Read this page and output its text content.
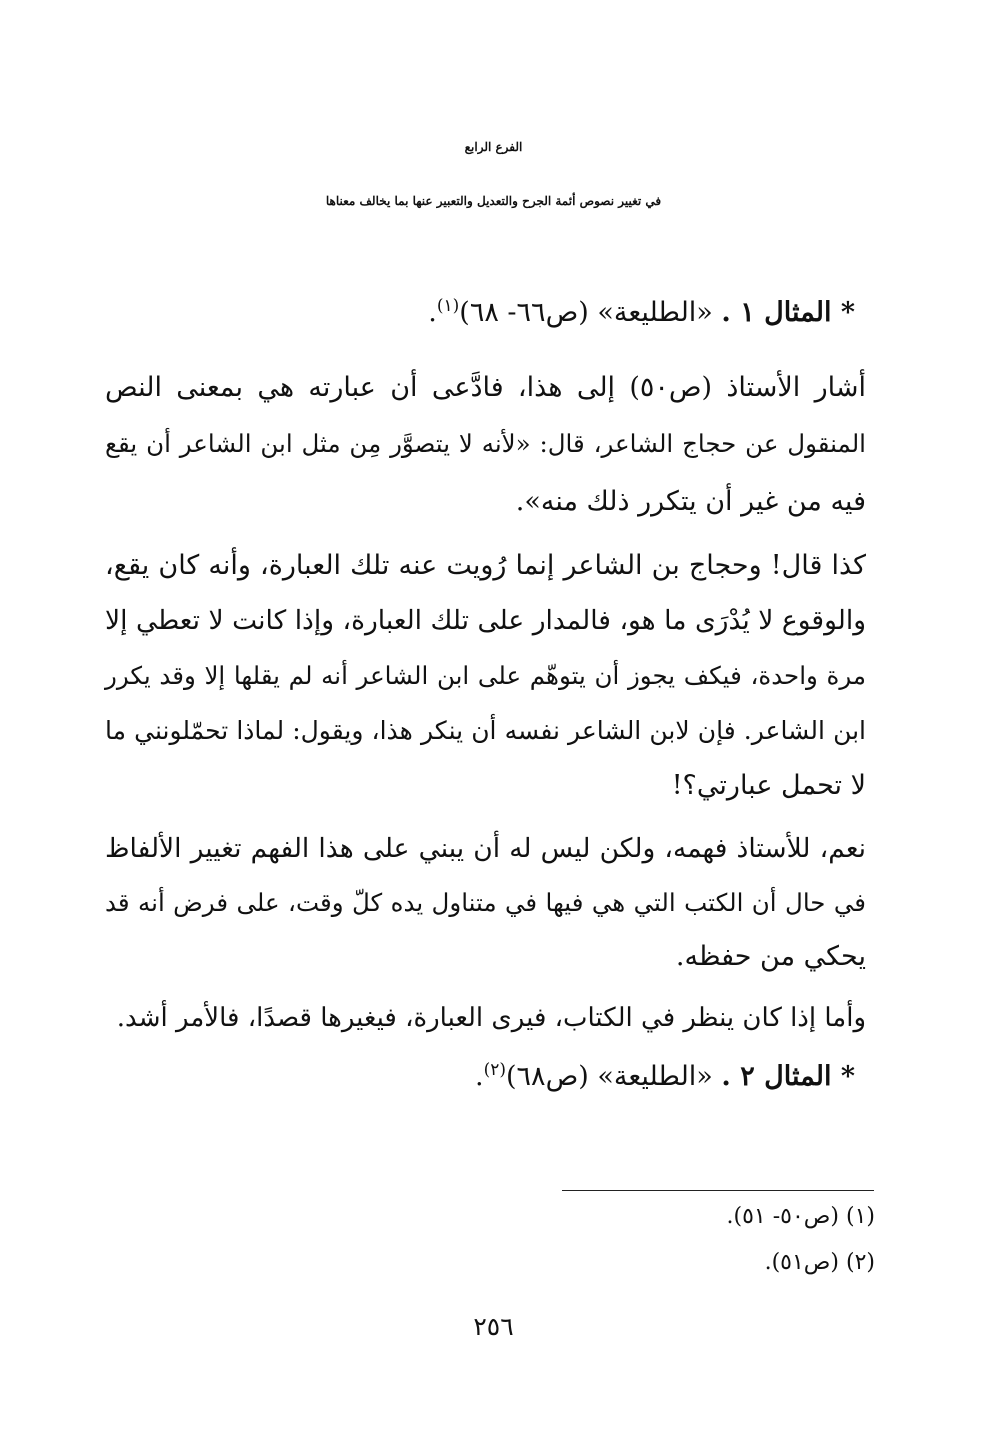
الفرع الرابع
في تغيير نصوص أئمة الجرح والتعديل والتعبير عنها بما يخالف معناها

* المثال ١ . «الطليعة» (ص٦٦- ٦٨)$^{(١)}$.

أشار الأستاذ (ص٥٠) إلى هذا، فادَّعى أن عبارته هي بمعنى النص

المنقول عن حجاج الشاعر، قال: «لأنه لا يتصوَّر مِن مثل ابن الشاعر أن يقع

فيه من غير أن يتكرر ذلك منه».

كذا قال! وحجاج بن الشاعر إنما رُويت عنه تلك العبارة، وأنه كان يقع،

والوقوع لا يُدْرَى ما هو، فالمدار على تلك العبارة، وإذا كانت لا تعطي إلا

مرة واحدة، فيكف يجوز أن يتوهّم على ابن الشاعر أنه لم يقلها إلا وقد يكرر

ابن الشاعر. فإن لابن الشاعر نفسه أن ينكر هذا، ويقول: لماذا تحمّلونني ما

لا تحمل عبارتي؟!

نعم، للأستاذ فهمه، ولكن ليس له أن يبني على هذا الفهم تغيير الألفاظ

في حال أن الكتب التي هي فيها في متناول يده كلّ وقت، على فرض أنه قد

يحكي من حفظه.

وأما إذا كان ينظر في الكتاب، فيرى العبارة، فيغيرها قصدًا، فالأمر أشد.

* المثال ٢ . «الطليعة» (ص٦٨)$^{(٢)}$.

(١) (ص٥٠- ٥١).

(٢) (ص٥١).

٢٥٦
